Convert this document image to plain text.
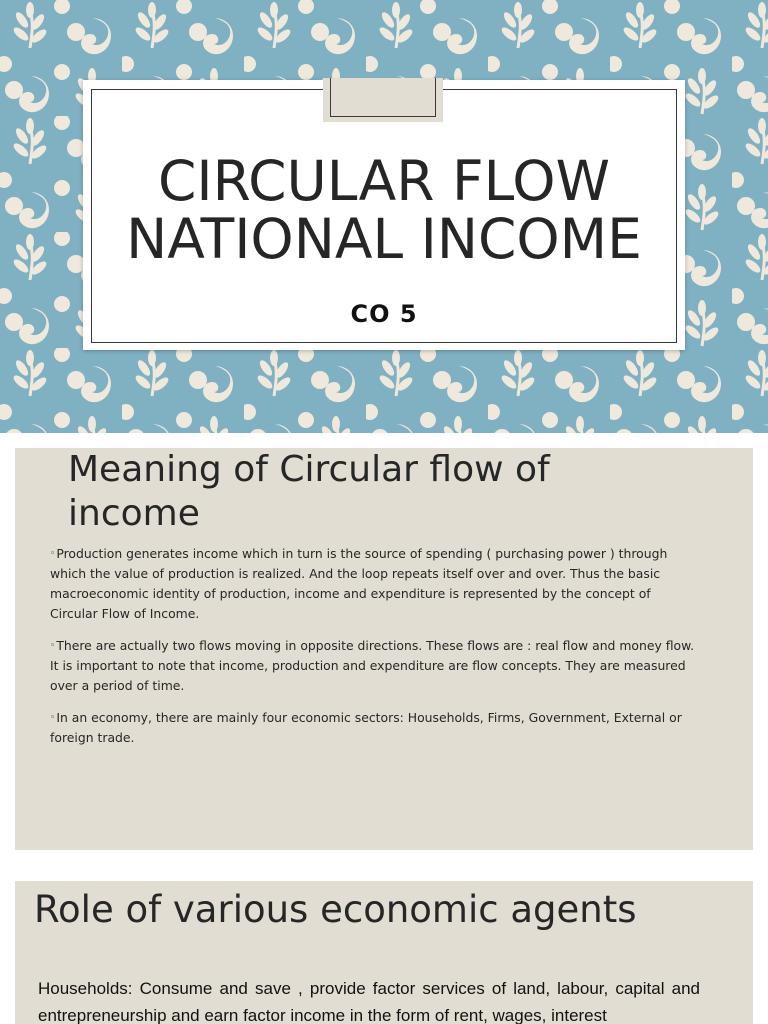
CIRCULAR FLOW
NATIONAL INCOME
CO 5
Meaning of Circular flow of income

◦Production generates income which in turn is the source of spending ( purchasing power ) through which the value of production is realized. And the loop repeats itself over and over. Thus the basic macroeconomic identity of production, income and expenditure is represented by the concept of Circular Flow of Income.

◦There are actually two flows moving in opposite directions. These flows are : real flow and money flow. It is important to note that income, production and expenditure are flow concepts. They are measured over a period of time.

◦In an economy, there are mainly four economic sectors: Households, Firms, Government, External or foreign trade.

Role of various economic agents
Households: Consume and save , provide factor services of land, labour, capital and entrepreneurship and earn factor income in the form of rent, wages, interest
